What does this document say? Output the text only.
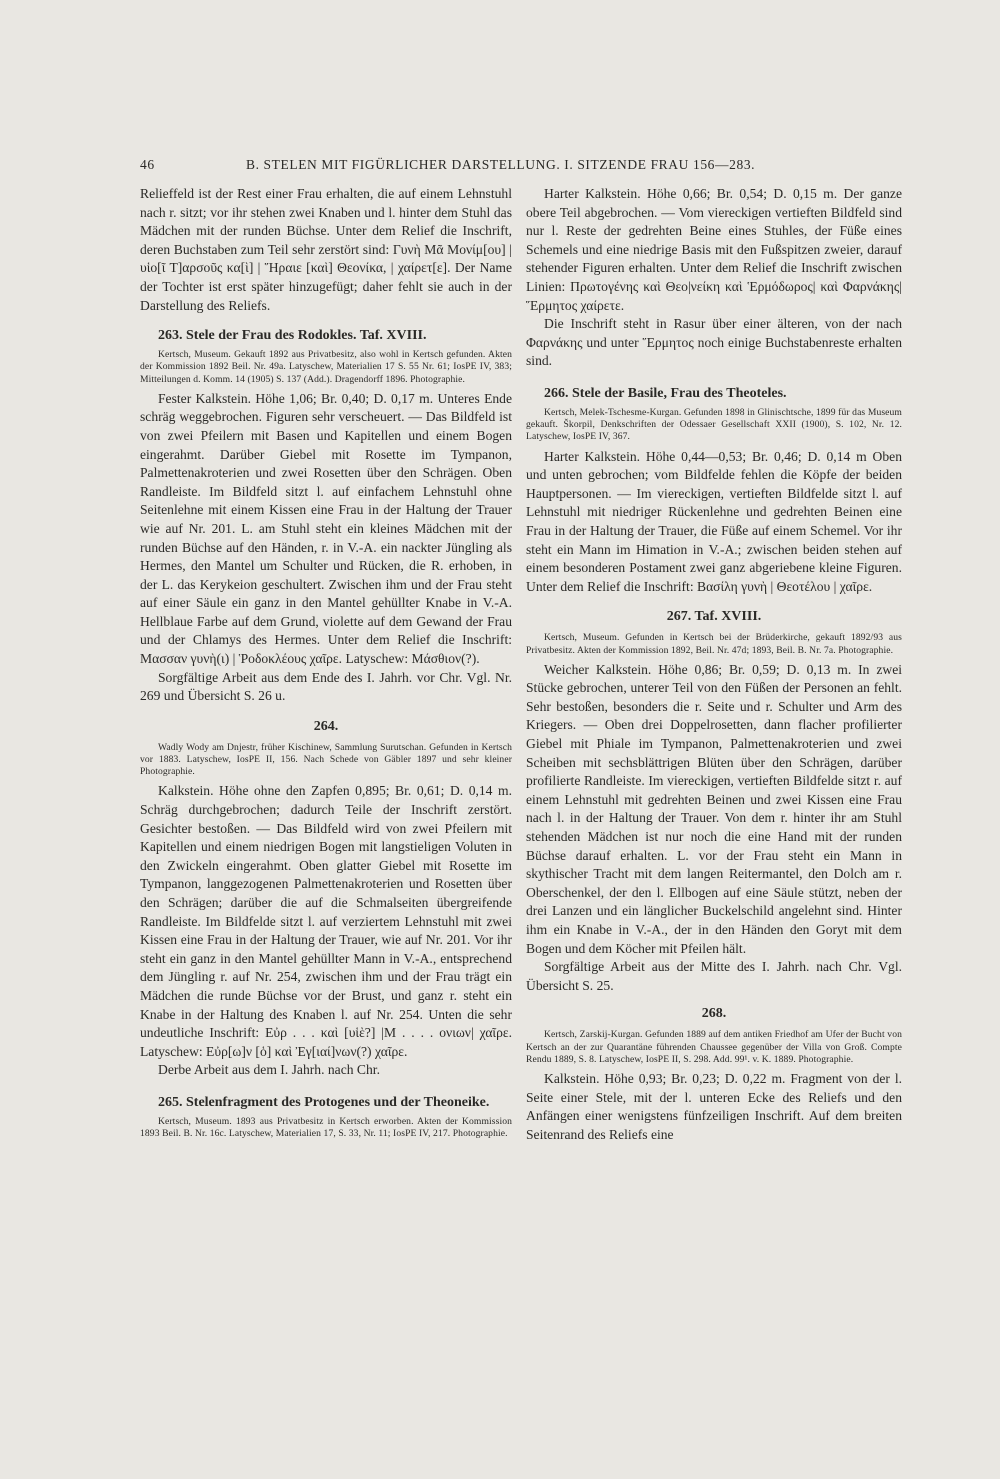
46	B. STELEN MIT FIGÜRLICHER DARSTELLUNG. I. SITZENDE FRAU 156—283.

Relieffeld ist der Rest einer Frau erhalten, die auf einem Lehnstuhl nach r. sitzt; vor ihr stehen zwei Knaben und l. hinter dem Stuhl das Mädchen mit der runden Büchse. Unter dem Relief die Inschrift, deren Buchstaben zum Teil sehr zerstört sind: Γυνὴ Μᾶ Μονίμ[ου] | υἱο[ῖ Τ]αρσοῦς κα[ὶ] | Ἥραιε [καὶ] Θεονίκα, | χαίρετ[ε]. Der Name der Tochter ist erst später hinzugefügt; daher fehlt sie auch in der Darstellung des Reliefs.

263. Stele der Frau des Rodokles. Taf. XVIII.

Kertsch, Museum. Gekauft 1892 aus Privatbesitz, also wohl in Kertsch gefunden. Akten der Kommission 1892 Beil. Nr. 49a. Latyschew, Materialien 17 S. 55 Nr. 61; IosPE IV, 383; Mitteilungen d. Komm. 14 (1905) S. 137 (Add.). Dragendorff 1896. Photographie.

Fester Kalkstein. Höhe 1,06; Br. 0,40; D. 0,17 m. Unteres Ende schräg weggebrochen. Figuren sehr verscheuert. — Das Bildfeld ist von zwei Pfeilern mit Basen und Kapitellen und einem Bogen eingerahmt. Darüber Giebel mit Rosette im Tympanon, Palmettenakroterien und zwei Rosetten über den Schrägen. Oben Randleiste. Im Bildfeld sitzt l. auf einfachem Lehnstuhl ohne Seitenlehne mit einem Kissen eine Frau in der Haltung der Trauer wie auf Nr. 201. L. am Stuhl steht ein kleines Mädchen mit der runden Büchse auf den Händen, r. in V.-A. ein nackter Jüngling als Hermes, den Mantel um Schulter und Rücken, die R. erhoben, in der L. das Kerykeion geschultert. Zwischen ihm und der Frau steht auf einer Säule ein ganz in den Mantel gehüllter Knabe in V.-A. Hellblaue Farbe auf dem Grund, violette auf dem Gewand der Frau und der Chlamys des Hermes. Unter dem Relief die Inschrift: Μασσαν γυνὴ(ι) | Ῥοδοκλέους χαῖρε. Latyschew: Μάσθιον(?).

Sorgfältige Arbeit aus dem Ende des I. Jahrh. vor Chr. Vgl. Nr. 269 und Übersicht S. 26 u.

264.

Wadly Wody am Dnjestr, früher Kischinew, Sammlung Surutschan. Gefunden in Kertsch vor 1883. Latyschew, IosPE II, 156. Nach Schede von Gäbler 1897 und sehr kleiner Photographie.

Kalkstein. Höhe ohne den Zapfen 0,895; Br. 0,61; D. 0,14 m. Schräg durchgebrochen; dadurch Teile der Inschrift zerstört. Gesichter bestoßen. — Das Bildfeld wird von zwei Pfeilern mit Kapitellen und einem niedrigen Bogen mit langstieligen Voluten in den Zwickeln eingerahmt. Oben glatter Giebel mit Rosette im Tympanon, langgezogenen Palmettenakroterien und Rosetten über den Schrägen; darüber die auf die Schmalseiten übergreifende Randleiste. Im Bildfelde sitzt l. auf verziertem Lehnstuhl mit zwei Kissen eine Frau in der Haltung der Trauer, wie auf Nr. 201. Vor ihr steht ein ganz in den Mantel gehüllter Mann in V.-A., entsprechend dem Jüngling r. auf Nr. 254, zwischen ihm und der Frau trägt ein Mädchen die runde Büchse vor der Brust, und ganz r. steht ein Knabe in der Haltung des Knaben l. auf Nr. 254. Unten die sehr undeutliche Inschrift: Εὐρ . . . καὶ [υἱὲ?] |Μ . . . . ονιων| χαῖρε. Latyschew: Εὐρ[ω]ν [ὁ] καὶ Ἐγ[ιαί]νων(?) χαῖρε.

Derbe Arbeit aus dem I. Jahrh. nach Chr.

265. Stelenfragment des Protogenes und der Theoneike.

Kertsch, Museum. 1893 aus Privatbesitz in Kertsch erworben. Akten der Kommission 1893 Beil. B. Nr. 16c. Latyschew, Materialien 17, S. 33, Nr. 11; IosPE IV, 217. Photographie.

Harter Kalkstein. Höhe 0,66; Br. 0,54; D. 0,15 m. Der ganze obere Teil abgebrochen. — Vom viereckigen vertieften Bildfeld sind nur l. Reste der gedrehten Beine eines Stuhles, der Füße eines Schemels und eine niedrige Basis mit den Fußspitzen zweier, darauf stehender Figuren erhalten. Unter dem Relief die Inschrift zwischen Linien: Πρωτογένης καὶ Θεο|νείκη καὶ Ἑρμόδωρος| καὶ Φαρνάκης| Ἕρμητος χαίρετε.

Die Inschrift steht in Rasur über einer älteren, von der nach Φαρνάκης und unter Ἕρμητος noch einige Buchstabenreste erhalten sind.

266. Stele der Basile, Frau des Theoteles.

Kertsch, Melek-Tschesme-Kurgan. Gefunden 1898 in Glinischtsche, 1899 für das Museum gekauft. Škorpil, Denkschriften der Odessaer Gesellschaft XXII (1900), S. 102, Nr. 12. Latyschew, IosPE IV, 367.

Harter Kalkstein. Höhe 0,44—0,53; Br. 0,46; D. 0,14 m Oben und unten gebrochen; vom Bildfelde fehlen die Köpfe der beiden Hauptpersonen. — Im viereckigen, vertieften Bildfelde sitzt l. auf Lehnstuhl mit niedriger Rückenlehne und gedrehten Beinen eine Frau in der Haltung der Trauer, die Füße auf einem Schemel. Vor ihr steht ein Mann im Himation in V.-A.; zwischen beiden stehen auf einem besonderen Postament zwei ganz abgeriebene kleine Figuren. Unter dem Relief die Inschrift: Βασίλη γυνὴ | Θεοτέλου | χαῖρε.

267. Taf. XVIII.

Kertsch, Museum. Gefunden in Kertsch bei der Brüderkirche, gekauft 1892/93 aus Privatbesitz. Akten der Kommission 1892, Beil. Nr. 47d; 1893, Beil. B. Nr. 7a. Photographie.

Weicher Kalkstein. Höhe 0,86; Br. 0,59; D. 0,13 m. In zwei Stücke gebrochen, unterer Teil von den Füßen der Personen an fehlt. Sehr bestoßen, besonders die r. Seite und r. Schulter und Arm des Kriegers. — Oben drei Doppelrosetten, dann flacher profilierter Giebel mit Phiale im Tympanon, Palmettenakroterien und zwei Scheiben mit sechsblättrigen Blüten über den Schrägen, darüber profilierte Randleiste. Im viereckigen, vertieften Bildfelde sitzt r. auf einem Lehnstuhl mit gedrehten Beinen und zwei Kissen eine Frau nach l. in der Haltung der Trauer. Von dem r. hinter ihr am Stuhl stehenden Mädchen ist nur noch die eine Hand mit der runden Büchse darauf erhalten. L. vor der Frau steht ein Mann in skythischer Tracht mit dem langen Reitermantel, den Dolch am r. Oberschenkel, der den l. Ellbogen auf eine Säule stützt, neben der drei Lanzen und ein länglicher Buckelschild angelehnt sind. Hinter ihm ein Knabe in V.-A., der in den Händen den Goryt mit dem Bogen und dem Köcher mit Pfeilen hält.

Sorgfältige Arbeit aus der Mitte des I. Jahrh. nach Chr. Vgl. Übersicht S. 25.

268.

Kertsch, Zarskij-Kurgan. Gefunden 1889 auf dem antiken Friedhof am Ufer der Bucht von Kertsch an der zur Quarantäne führenden Chaussee gegenüber der Villa von Groß. Compte Rendu 1889, S. 8. Latyschew, IosPE II, S. 298. Add. 99¹. v. K. 1889. Photographie.

Kalkstein. Höhe 0,93; Br. 0,23; D. 0,22 m. Fragment von der l. Seite einer Stele, mit der l. unteren Ecke des Reliefs und den Anfängen einer wenigstens fünfzeiligen Inschrift. Auf dem breiten Seitenrand des Reliefs eine
